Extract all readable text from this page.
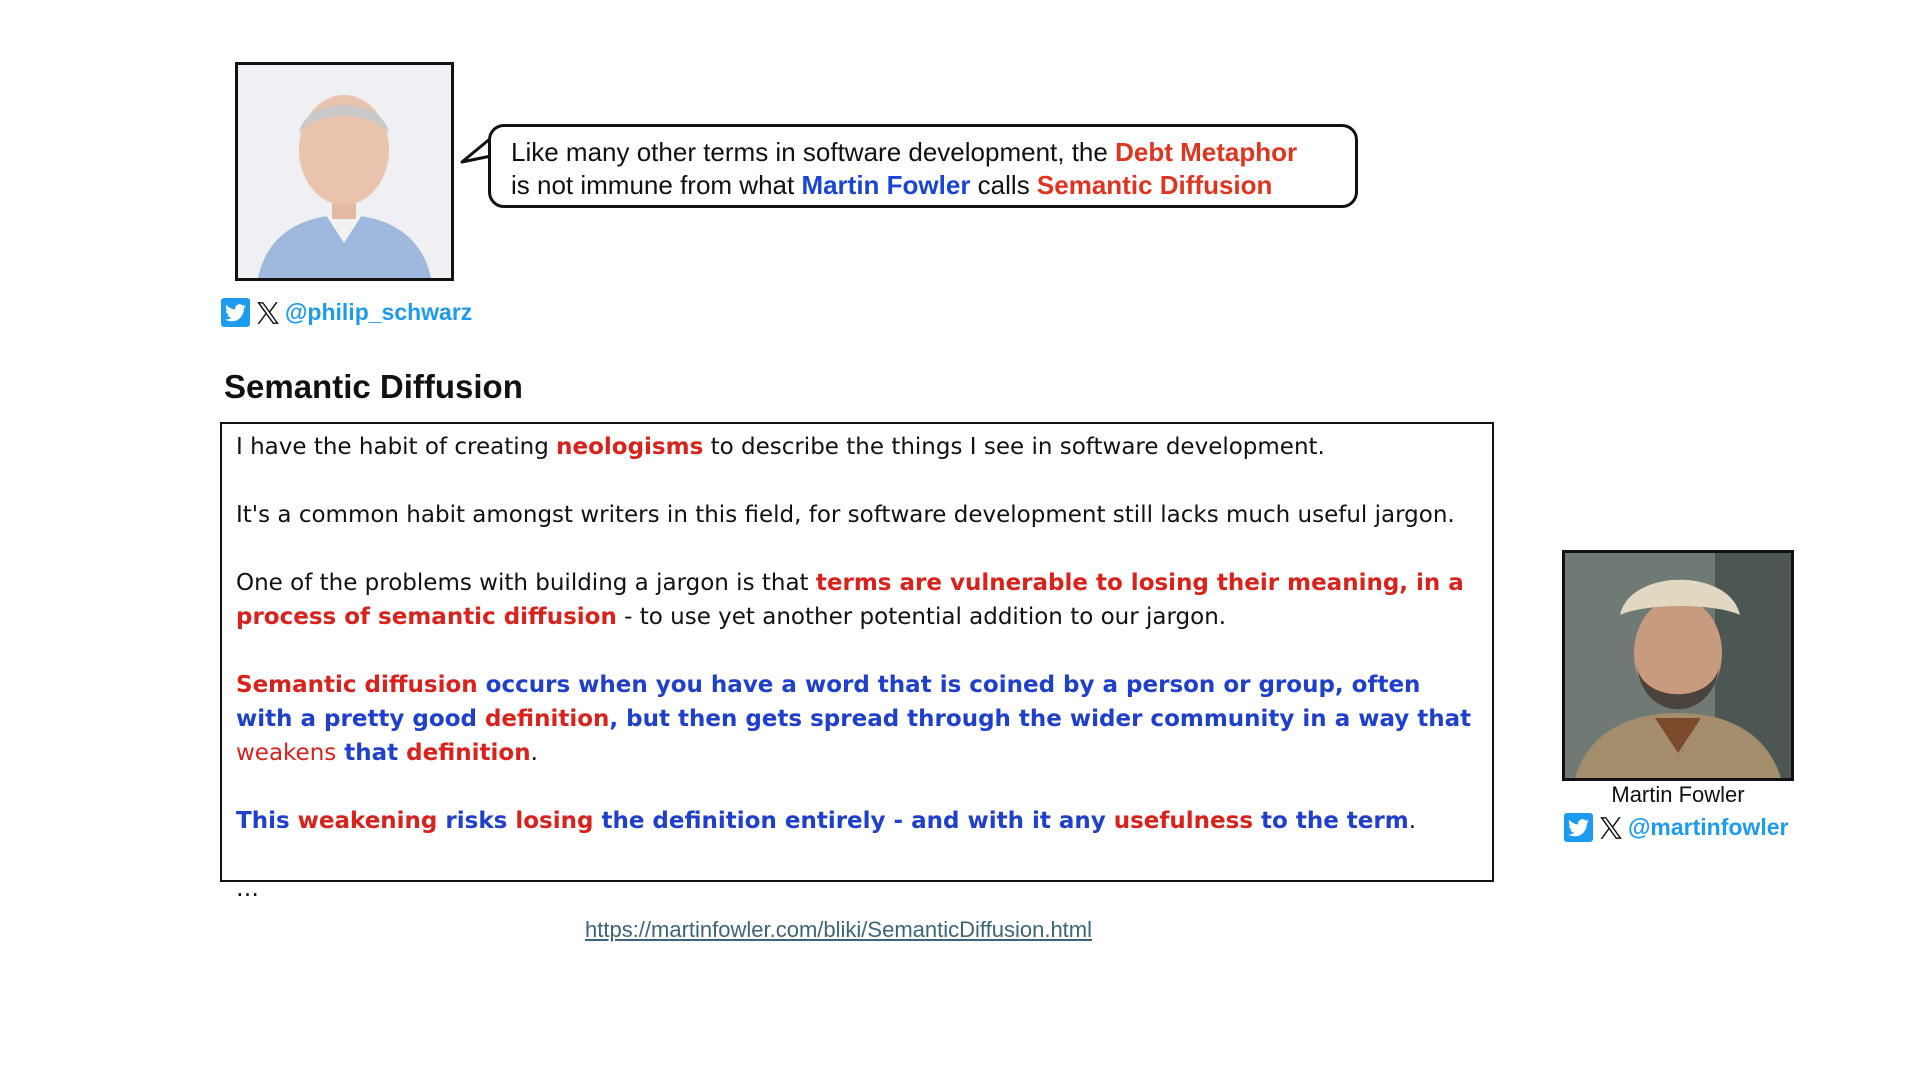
Like many other terms in software development, the Debt Metaphor
is not immune from what Martin Fowler calls Semantic Diffusion
@philip_schwarz
Semantic Diffusion

I have the habit of creating neologisms to describe the things I see in software development.

It's a common habit amongst writers in this field, for software development still lacks much useful jargon.

One of the problems with building a jargon is that terms are vulnerable to losing their meaning, in a process of semantic diffusion - to use yet another potential addition to our jargon.

Semantic diffusion occurs when you have a word that is coined by a person or group, often with a pretty good definition, but then gets spread through the wider community in a way that weakens that definition.

This weakening risks losing the definition entirely - and with it any usefulness to the term.

…

https://martinfowler.com/bliki/SemanticDiffusion.html
Martin Fowler
@martinfowler
